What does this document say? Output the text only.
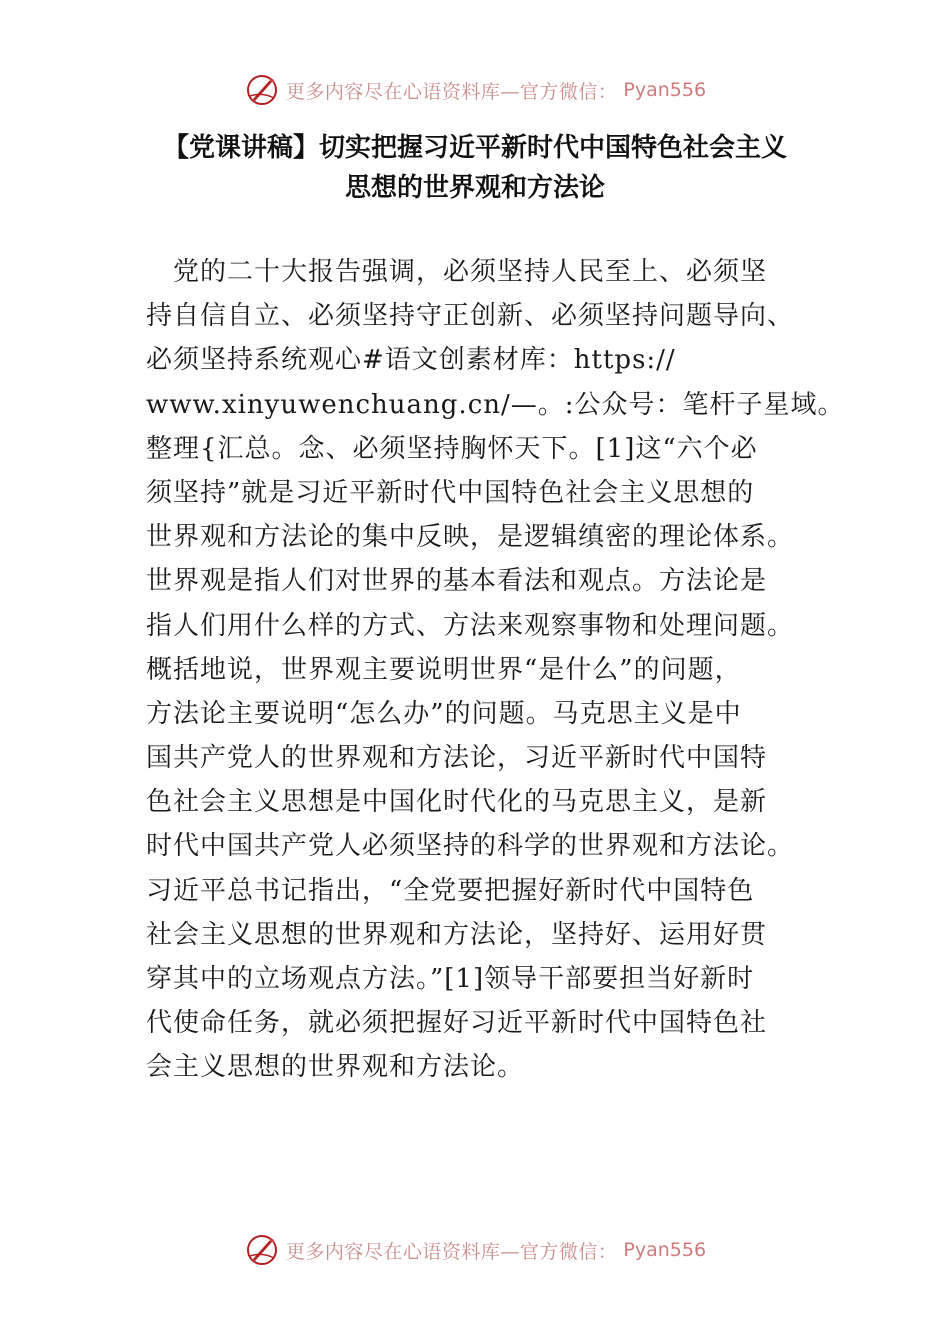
更多内容尽在心语资料库—官方微信： Pyan556
【党课讲稿】切实把握习近平新时代中国特色社会主义
思想的世界观和方法论
　党的二十大报告强调，必须坚持人民至上、必须坚
持自信自立、必须坚持守正创新、必须坚持问题导向、
必须坚持系统观心#语文创素材库：https://
www.xinyuwenchuang.cn/—。:公众号：笔杆子星域。
整理{汇总。念、必须坚持胸怀天下。[1]这“六个必
须坚持”就是习近平新时代中国特色社会主义思想的
世界观和方法论的集中反映，是逻辑缜密的理论体系。
世界观是指人们对世界的基本看法和观点。方法论是
指人们用什么样的方式、方法来观察事物和处理问题。
概括地说，世界观主要说明世界“是什么”的问题，
方法论主要说明“怎么办”的问题。马克思主义是中
国共产党人的世界观和方法论，习近平新时代中国特
色社会主义思想是中国化时代化的马克思主义，是新
时代中国共产党人必须坚持的科学的世界观和方法论。
习近平总书记指出，“全党要把握好新时代中国特色
社会主义思想的世界观和方法论，坚持好、运用好贯
穿其中的立场观点方法。”[1]领导干部要担当好新时
代使命任务，就必须把握好习近平新时代中国特色社
会主义思想的世界观和方法论。
更多内容尽在心语资料库—官方微信： Pyan556
